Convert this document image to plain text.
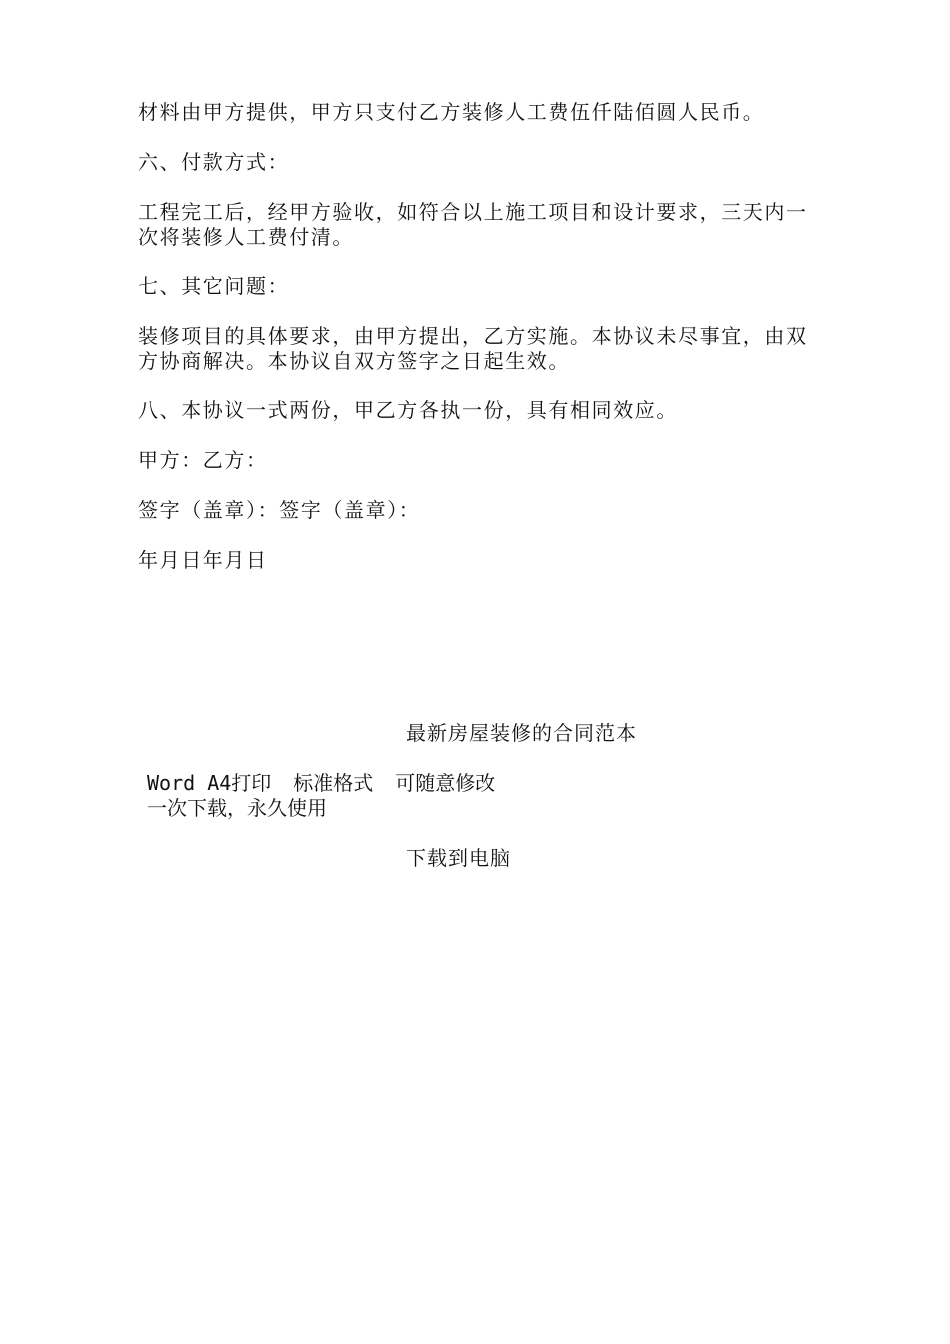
材料由甲方提供，甲方只支付乙方装修人工费伍仟陆佰圆人民币。
六、付款方式：
工程完工后，经甲方验收，如符合以上施工项目和设计要求，三天内一次将装修人工费付清。
七、其它问题：
装修项目的具体要求，由甲方提出，乙方实施。本协议未尽事宜，由双方协商解决。本协议自双方签字之日起生效。
八、本协议一式两份，甲乙方各执一份，具有相同效应。
甲方：乙方：
签字（盖章）：签字（盖章）：
年月日年月日
最新房屋装修的合同范本
Word A4打印 标准格式 可随意修改
一次下载，永久使用
下载到电脑
